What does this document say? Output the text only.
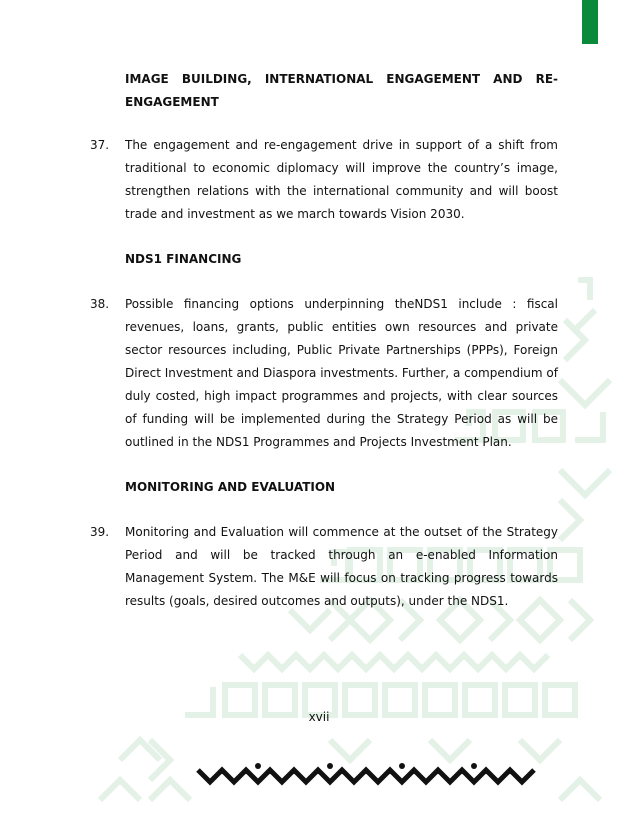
IMAGE BUILDING, INTERNATIONAL ENGAGEMENT AND RE-
ENGAGEMENT
37. The engagement and re-engagement drive in support of a shift from traditional to economic diplomacy will improve the country’s image, strengthen relations with the international community and will boost trade and investment as we march towards Vision 2030.
NDS1 FINANCING
38. Possible financing options underpinning theNDS1 include : fiscal revenues, loans, grants, public entities own resources and private sector resources including, Public Private Partnerships (PPPs), Foreign Direct Investment and Diaspora investments. Further, a compendium of duly costed, high impact programmes and projects, with clear sources of funding will be implemented during the Strategy Period as will be outlined in the NDS1 Programmes and Projects Investment Plan.
MONITORING AND EVALUATION
39. Monitoring and Evaluation will commence at the outset of the Strategy Period and will be tracked through an e-enabled Information Management System. The M&E will focus on tracking progress towards results (goals, desired outcomes and outputs), under the NDS1.
xvii
